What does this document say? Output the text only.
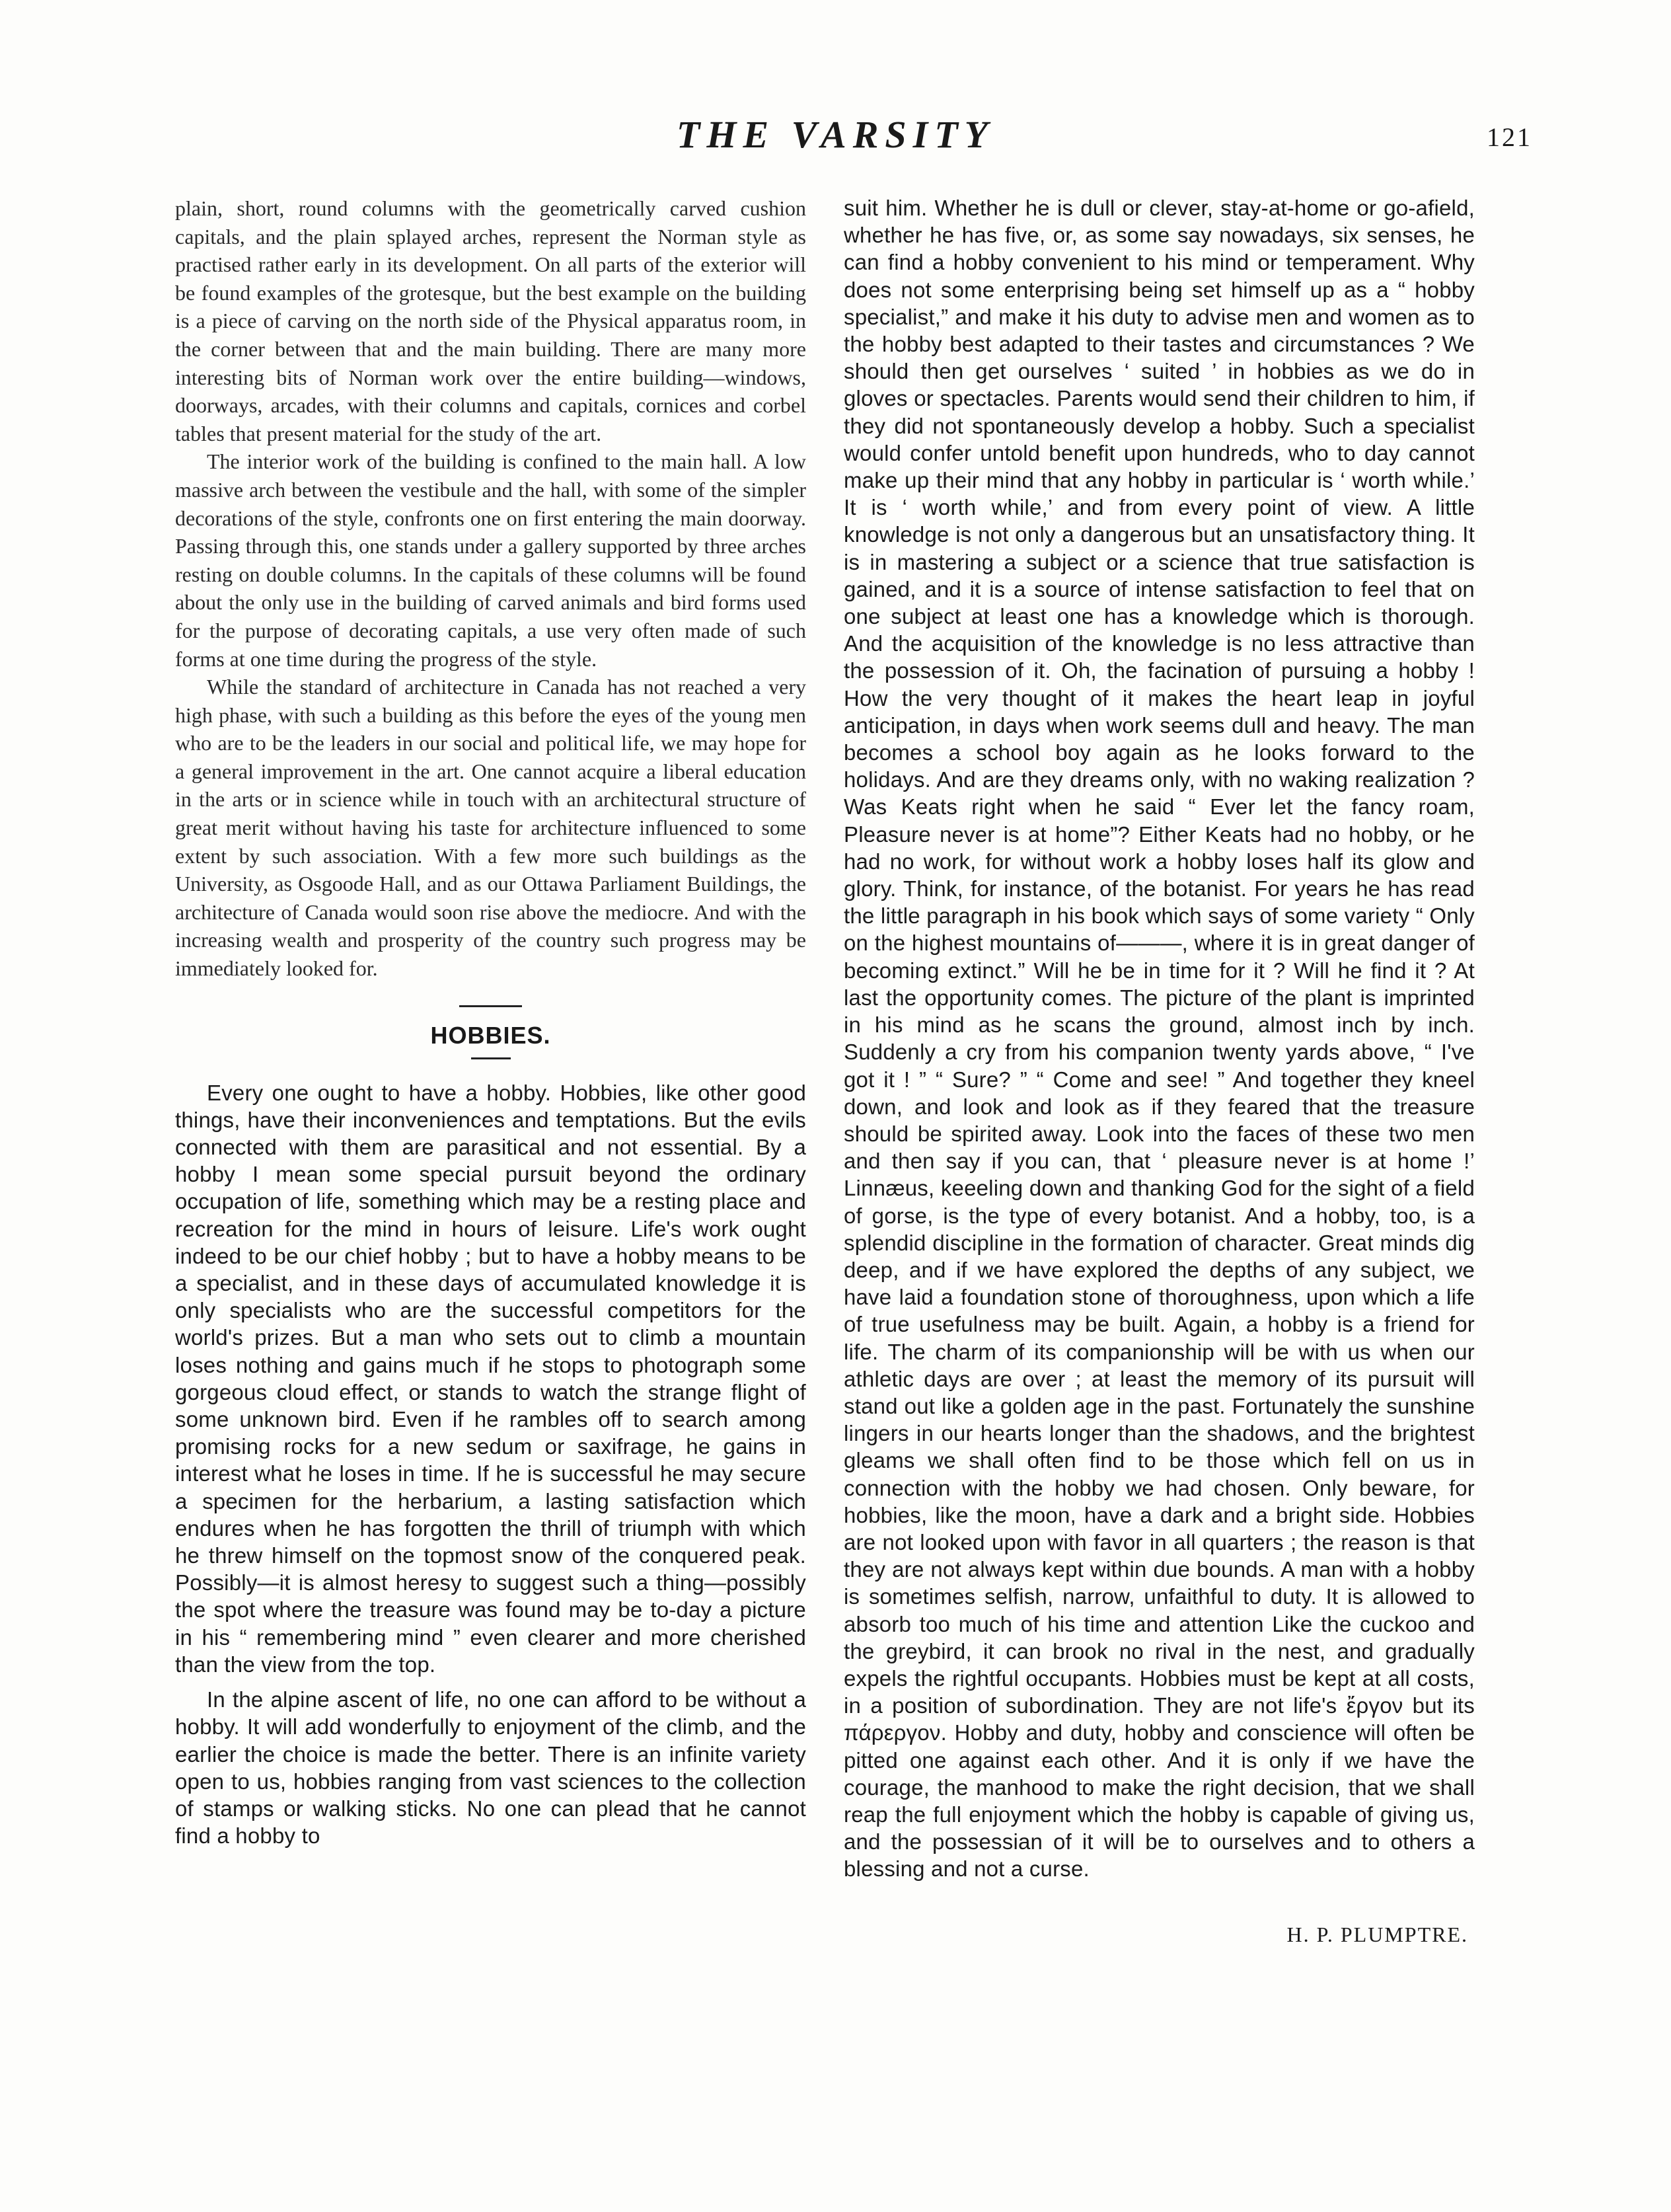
THE VARSITY	121

plain, short, round columns with the geometrically carved cushion capitals, and the plain splayed arches, represent the Norman style as practised rather early in its development. On all parts of the exterior will be found examples of the grotesque, but the best example on the building is a piece of carving on the north side of the Physical apparatus room, in the corner between that and the main building. There are many more interesting bits of Norman work over the entire building—windows, doorways, arcades, with their columns and capitals, cornices and corbel tables that present material for the study of the art.

The interior work of the building is confined to the main hall. A low massive arch between the vestibule and the hall, with some of the simpler decorations of the style, confronts one on first entering the main doorway. Passing through this, one stands under a gallery supported by three arches resting on double columns. In the capitals of these columns will be found about the only use in the building of carved animals and bird forms used for the purpose of decorating capitals, a use very often made of such forms at one time during the progress of the style.

While the standard of architecture in Canada has not reached a very high phase, with such a building as this before the eyes of the young men who are to be the leaders in our social and political life, we may hope for a general improvement in the art. One cannot acquire a liberal education in the arts or in science while in touch with an architectural structure of great merit without having his taste for architecture influenced to some extent by such association. With a few more such buildings as the University, as Osgoode Hall, and as our Ottawa Parliament Buildings, the architecture of Canada would soon rise above the mediocre. And with the increasing wealth and prosperity of the country such progress may be immediately looked for.

HOBBIES.

Every one ought to have a hobby. Hobbies, like other good things, have their inconveniences and temptations. But the evils connected with them are parasitical and not essential. By a hobby I mean some special pursuit beyond the ordinary occupation of life, something which may be a resting place and recreation for the mind in hours of leisure. Life's work ought indeed to be our chief hobby ; but to have a hobby means to be a specialist, and in these days of accumulated knowledge it is only specialists who are the successful competitors for the world's prizes. But a man who sets out to climb a mountain loses nothing and gains much if he stops to photograph some gorgeous cloud effect, or stands to watch the strange flight of some unknown bird. Even if he rambles off to search among promising rocks for a new sedum or saxifrage, he gains in interest what he loses in time. If he is successful he may secure a specimen for the herbarium, a lasting satisfaction which endures when he has forgotten the thrill of triumph with which he threw himself on the topmost snow of the conquered peak. Possibly—it is almost heresy to suggest such a thing—possibly the spot where the treasure was found may be to-day a picture in his “ remembering mind ” even clearer and more cherished than the view from the top.

In the alpine ascent of life, no one can afford to be without a hobby. It will add wonderfully to enjoyment of the climb, and the earlier the choice is made the better. There is an infinite variety open to us, hobbies ranging from vast sciences to the collection of stamps or walking sticks. No one can plead that he cannot find a hobby to

suit him. Whether he is dull or clever, stay-at-home or go-afield, whether he has five, or, as some say nowadays, six senses, he can find a hobby convenient to his mind or temperament. Why does not some enterprising being set himself up as a “ hobby specialist,” and make it his duty to advise men and women as to the hobby best adapted to their tastes and circumstances ? We should then get ourselves ‘ suited ’ in hobbies as we do in gloves or spectacles. Parents would send their children to him, if they did not spontaneously develop a hobby. Such a specialist would confer untold benefit upon hundreds, who to day cannot make up their mind that any hobby in particular is ‘ worth while.’ It is ‘ worth while,’ and from every point of view. A little knowledge is not only a dangerous but an unsatisfactory thing. It is in mastering a subject or a science that true satisfaction is gained, and it is a source of intense satisfaction to feel that on one subject at least one has a knowledge which is thorough. And the acquisition of the knowledge is no less attractive than the possession of it. Oh, the facination of pursuing a hobby ! How the very thought of it makes the heart leap in joyful anticipation, in days when work seems dull and heavy. The man becomes a school boy again as he looks forward to the holidays. And are they dreams only, with no waking realization ? Was Keats right when he said “ Ever let the fancy roam, Pleasure never is at home”? Either Keats had no hobby, or he had no work, for without work a hobby loses half its glow and glory. Think, for instance, of the botanist. For years he has read the little paragraph in his book which says of some variety “ Only on the highest mountains of———, where it is in great danger of becoming extinct.” Will he be in time for it ? Will he find it ? At last the opportunity comes. The picture of the plant is imprinted in his mind as he scans the ground, almost inch by inch. Suddenly a cry from his companion twenty yards above, “ I've got it ! ” “ Sure? ” “ Come and see! ” And together they kneel down, and look and look as if they feared that the treasure should be spirited away. Look into the faces of these two men and then say if you can, that ‘ pleasure never is at home !’ Linnæus, keeeling down and thanking God for the sight of a field of gorse, is the type of every botanist. And a hobby, too, is a splendid discipline in the formation of character. Great minds dig deep, and if we have explored the depths of any subject, we have laid a foundation stone of thoroughness, upon which a life of true usefulness may be built. Again, a hobby is a friend for life. The charm of its companionship will be with us when our athletic days are over ; at least the memory of its pursuit will stand out like a golden age in the past. Fortunately the sunshine lingers in our hearts longer than the shadows, and the brightest gleams we shall often find to be those which fell on us in connection with the hobby we had chosen. Only beware, for hobbies, like the moon, have a dark and a bright side. Hobbies are not looked upon with favor in all quarters ; the reason is that they are not always kept within due bounds. A man with a hobby is sometimes selfish, narrow, unfaithful to duty. It is allowed to absorb too much of his time and attention Like the cuckoo and the greybird, it can brook no rival in the nest, and gradually expels the rightful occupants. Hobbies must be kept at all costs, in a position of subordination. They are not life's ἔργον but its πάρεργον. Hobby and duty, hobby and conscience will often be pitted one against each other. And it is only if we have the courage, the manhood to make the right decision, that we shall reap the full enjoyment which the hobby is capable of giving us, and the possessian of it will be to ourselves and to others a blessing and not a curse.

H. P. PLUMPTRE.
